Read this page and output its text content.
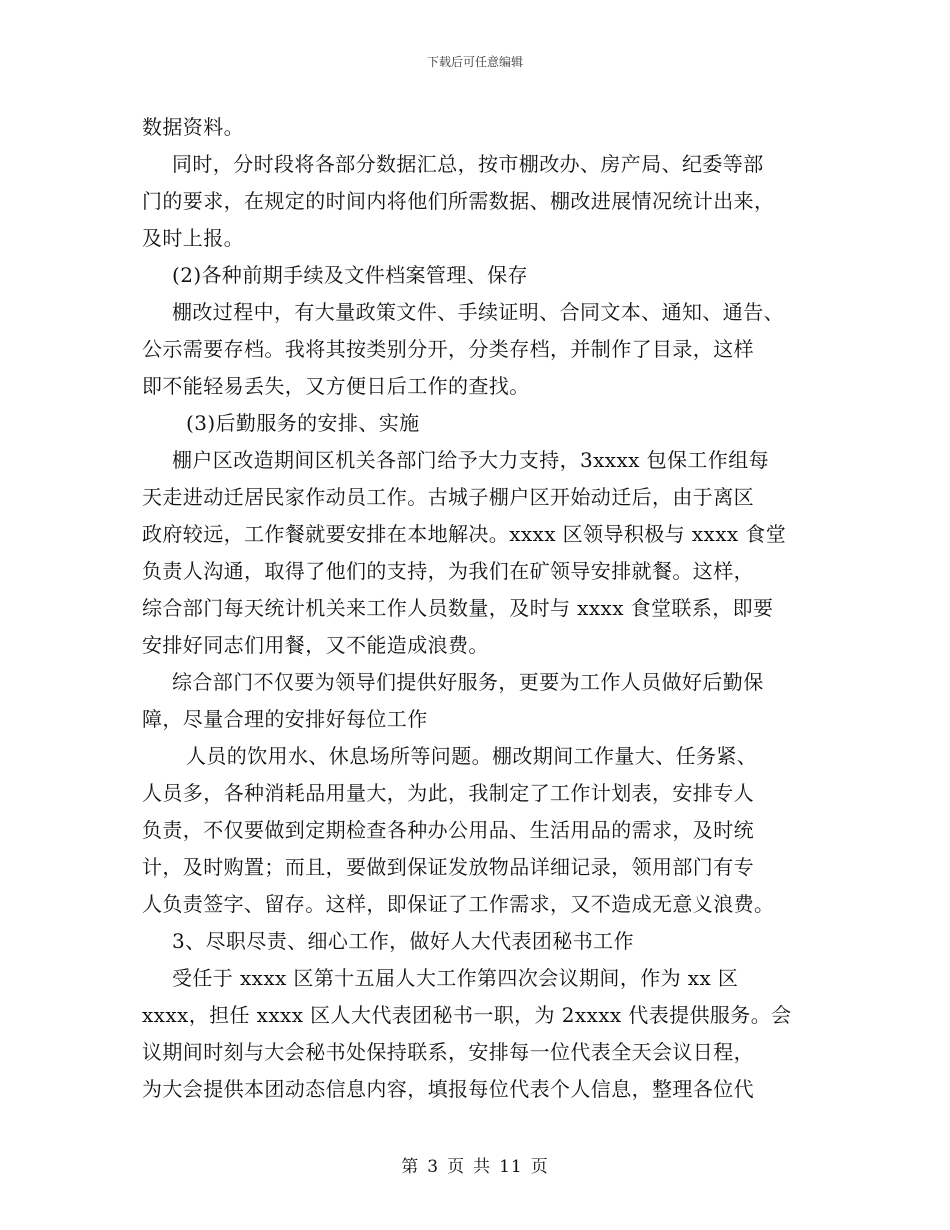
下载后可任意编辑
数据资料。
同时，分时段将各部分数据汇总，按市棚改办、房产局、纪委等部
门的要求，在规定的时间内将他们所需数据、棚改进展情况统计出来，
及时上报。
(2)各种前期手续及文件档案管理、保存
棚改过程中，有大量政策文件、手续证明、合同文本、通知、通告、
公示需要存档。我将其按类别分开，分类存档，并制作了目录，这样
即不能轻易丢失，又方便日后工作的查找。
(3)后勤服务的安排、实施
棚户区改造期间区机关各部门给予大力支持，3xxxx 包保工作组每
天走进动迁居民家作动员工作。古城子棚户区开始动迁后，由于离区
政府较远，工作餐就要安排在本地解决。xxxx 区领导积极与 xxxx 食堂
负责人沟通，取得了他们的支持，为我们在矿领导安排就餐。这样，
综合部门每天统计机关来工作人员数量，及时与 xxxx 食堂联系，即要
安排好同志们用餐，又不能造成浪费。
综合部门不仅要为领导们提供好服务，更要为工作人员做好后勤保
障，尽量合理的安排好每位工作
人员的饮用水、休息场所等问题。棚改期间工作量大、任务紧、
人员多，各种消耗品用量大，为此，我制定了工作计划表，安排专人
负责，不仅要做到定期检查各种办公用品、生活用品的需求，及时统
计，及时购置；而且，要做到保证发放物品详细记录，领用部门有专
人负责签字、留存。这样，即保证了工作需求，又不造成无意义浪费。
3、尽职尽责、细心工作，做好人大代表团秘书工作
受任于 xxxx 区第十五届人大工作第四次会议期间，作为 xx 区
xxxx，担任 xxxx 区人大代表团秘书一职，为 2xxxx 代表提供服务。会
议期间时刻与大会秘书处保持联系，安排每一位代表全天会议日程，
为大会提供本团动态信息内容，填报每位代表个人信息，整理各位代
第 3 页 共 11 页
